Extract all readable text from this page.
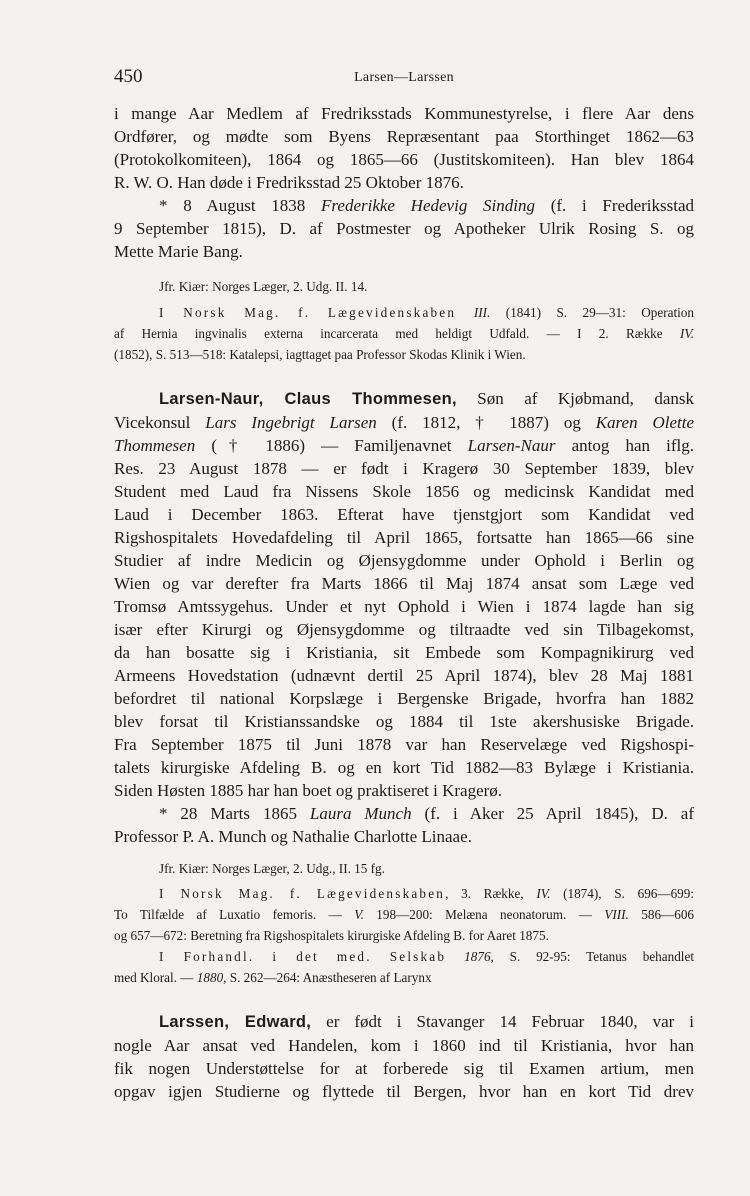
450	Larsen—Larssen
i mange Aar Medlem af Fredriksstads Kommunestyrelse, i flere Aar dens
Ordfører, og mødte som Byens Repræsentant paa Storthinget 1862—63
(Protokolkomiteen), 1864 og 1865—66 (Justitskomiteen). Han blev 1864
R. W. O. Han døde i Fredriksstad 25 Oktober 1876.
* 8 August 1838 Frederikke Hedevig Sinding (f. i Frederiksstad
9 September 1815), D. af Postmester og Apotheker Ulrik Rosing S. og
Mette Marie Bang.
Jfr. Kiær: Norges Læger, 2. Udg. II. 14.
I Norsk Mag. f. Lægevidenskaben III. (1841) S. 29—31: Operation
af Hernia ingvinalis externa incarcerata med heldigt Udfald. — I 2. Række IV.
(1852), S. 513—518: Katalepsi, iagttaget paa Professor Skodas Klinik i Wien.
Larsen-Naur, Claus Thommesen, Søn af Kjøbmand, dansk
Vicekonsul Lars Ingebrigt Larsen (f. 1812, † 1887) og Karen Olette
Thommesen († 1886) — Familjenavnet Larsen-Naur antog han iflg.
Res. 23 August 1878 — er født i Kragerø 30 September 1839, blev
Student med Laud fra Nissens Skole 1856 og medicinsk Kandidat med
Laud i December 1863. Efterat have tjenstgjort som Kandidat ved
Rigshospitalets Hovedafdeling til April 1865, fortsatte han 1865—66 sine
Studier af indre Medicin og Øjensygdomme under Ophold i Berlin og
Wien og var derefter fra Marts 1866 til Maj 1874 ansat som Læge ved
Tromsø Amtssygehus. Under et nyt Ophold i Wien i 1874 lagde han sig
især efter Kirurgi og Øjensygdomme og tiltraadte ved sin Tilbagekomst,
da han bosatte sig i Kristiania, sit Embede som Kompagnikirurg ved
Armeens Hovedstation (udnævnt dertil 25 April 1874), blev 28 Maj 1881
befordret til national Korpslæge i Bergenske Brigade, hvorfra han 1882
blev forsat til Kristianssandske og 1884 til 1ste akershusiske Brigade.
Fra September 1875 til Juni 1878 var han Reservelæge ved Rigshospi-
talets kirurgiske Afdeling B. og en kort Tid 1882—83 Bylæge i Kristiania.
Siden Høsten 1885 har han boet og praktiseret i Kragerø.
* 28 Marts 1865 Laura Munch (f. i Aker 25 April 1845), D. af
Professor P. A. Munch og Nathalie Charlotte Linaae.
Jfr. Kiær: Norges Læger, 2. Udg., II. 15 fg.
I Norsk Mag. f. Lægevidenskaben, 3. Række, IV. (1874), S. 696—699:
To Tilfælde af Luxatio femoris. — V. 198—200: Melæna neonatorum. — VIII. 586—606
og 657—672: Beretning fra Rigshospitalets kirurgiske Afdeling B. for Aaret 1875.
I Forhandl. i det med. Selskab 1876, S. 92-95: Tetanus behandlet
med Kloral. — 1880, S. 262—264: Anæstheseren af Larynx
Larssen, Edward, er født i Stavanger 14 Februar 1840, var i
nogle Aar ansat ved Handelen, kom i 1860 ind til Kristiania, hvor han
fik nogen Understøttelse for at forberede sig til Examen artium, men
opgav igjen Studierne og flyttede til Bergen, hvor han en kort Tid drev
